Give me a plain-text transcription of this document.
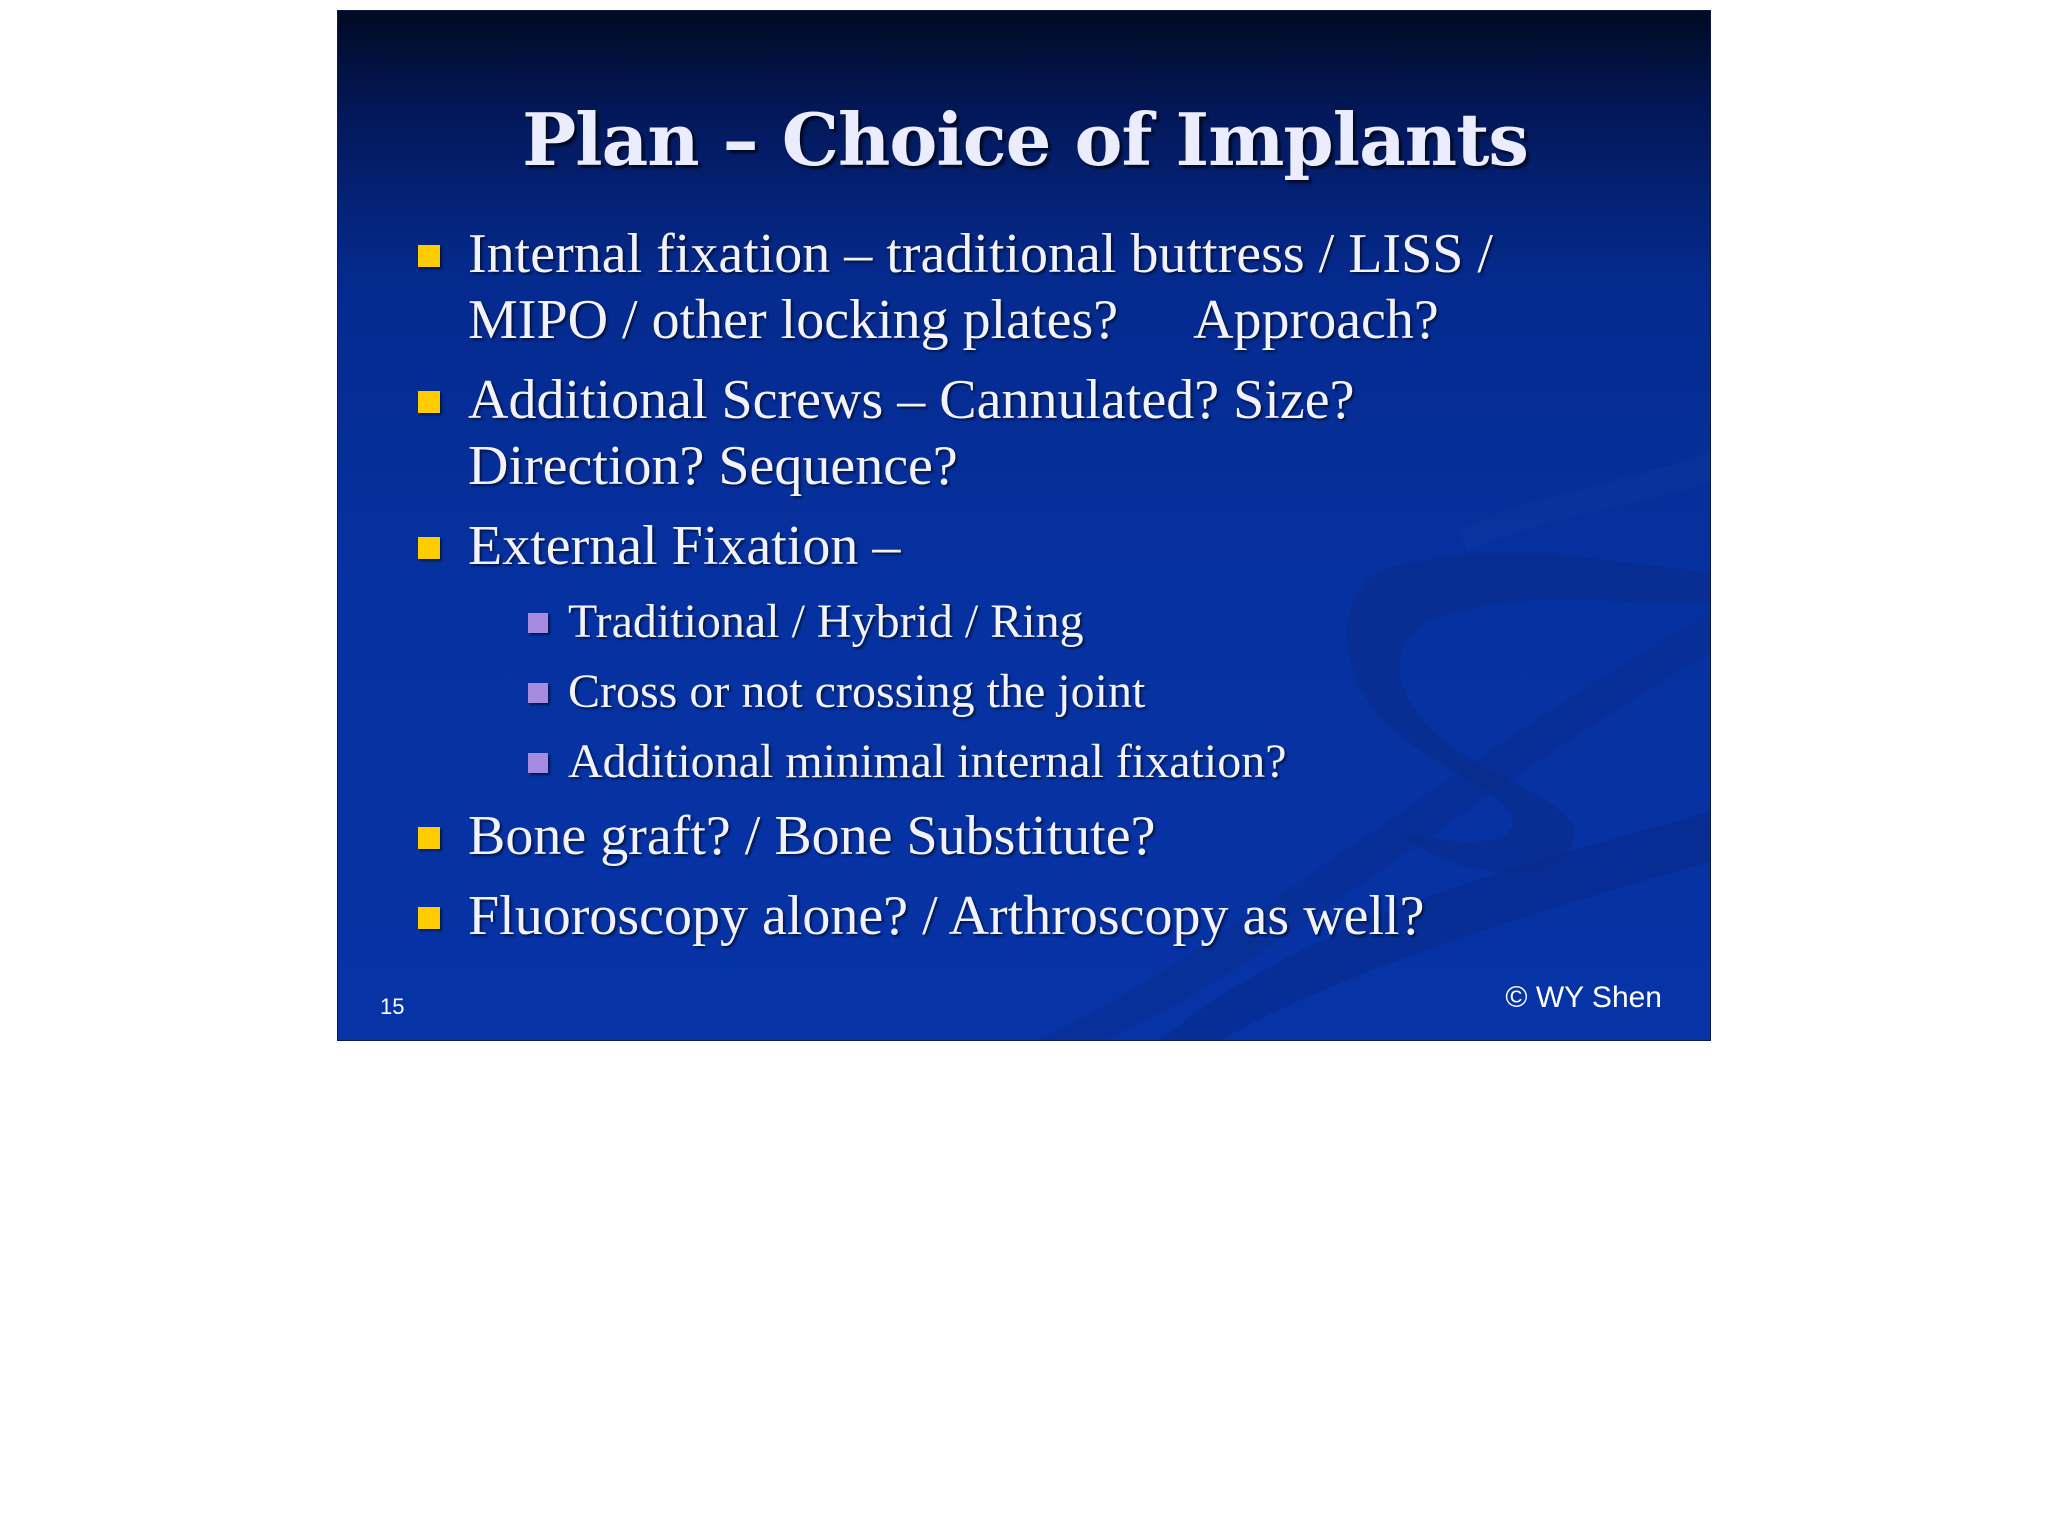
Plan – Choice of Implants
Internal fixation – traditional buttress / LISS /
MIPO / other locking plates? Approach?
Additional Screws – Cannulated? Size?
Direction? Sequence?
External Fixation –
Traditional / Hybrid / Ring
Cross or not crossing the joint
Additional minimal internal fixation?
Bone graft? / Bone Substitute?
Fluoroscopy alone? / Arthroscopy as well?
15	© WY Shen
